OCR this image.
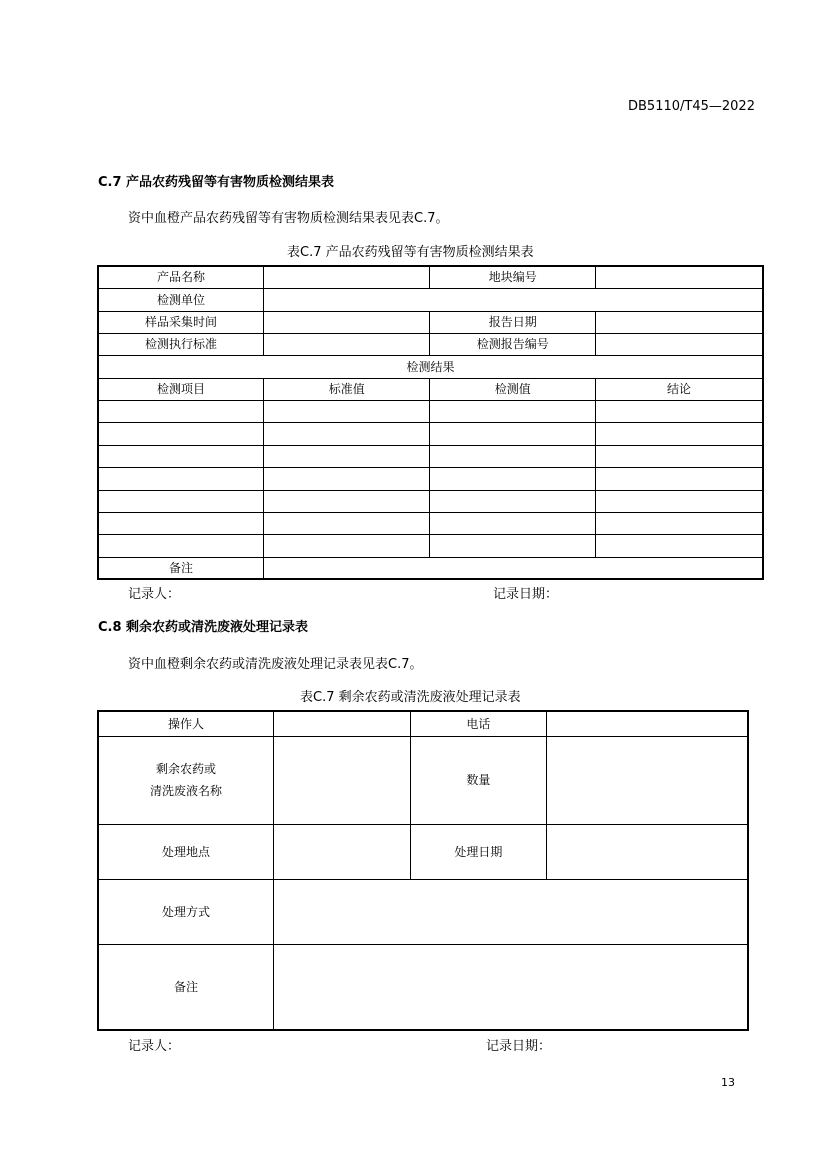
DB5110/T45—2022
C.7 产品农药残留等有害物质检测结果表
资中血橙产品农药残留等有害物质检测结果表见表C.7。
表C.7 产品农药残留等有害物质检测结果表
产品名称		地块编号	
检测单位			
样品采集时间		报告日期	
检测执行标准		检测报告编号	
检测结果			
检测项目	标准值	检测值	结论

备注			
记录人：	记录日期：
C.8 剩余农药或清洗废液处理记录表
资中血橙剩余农药或清洗废液处理记录表见表C.7。
表C.7 剩余农药或清洗废液处理记录表
操作人		电话	
剩余农药或
清洗废液名称		数量	
处理地点		处理日期	
处理方式			
备注			
记录人：	记录日期：
13
